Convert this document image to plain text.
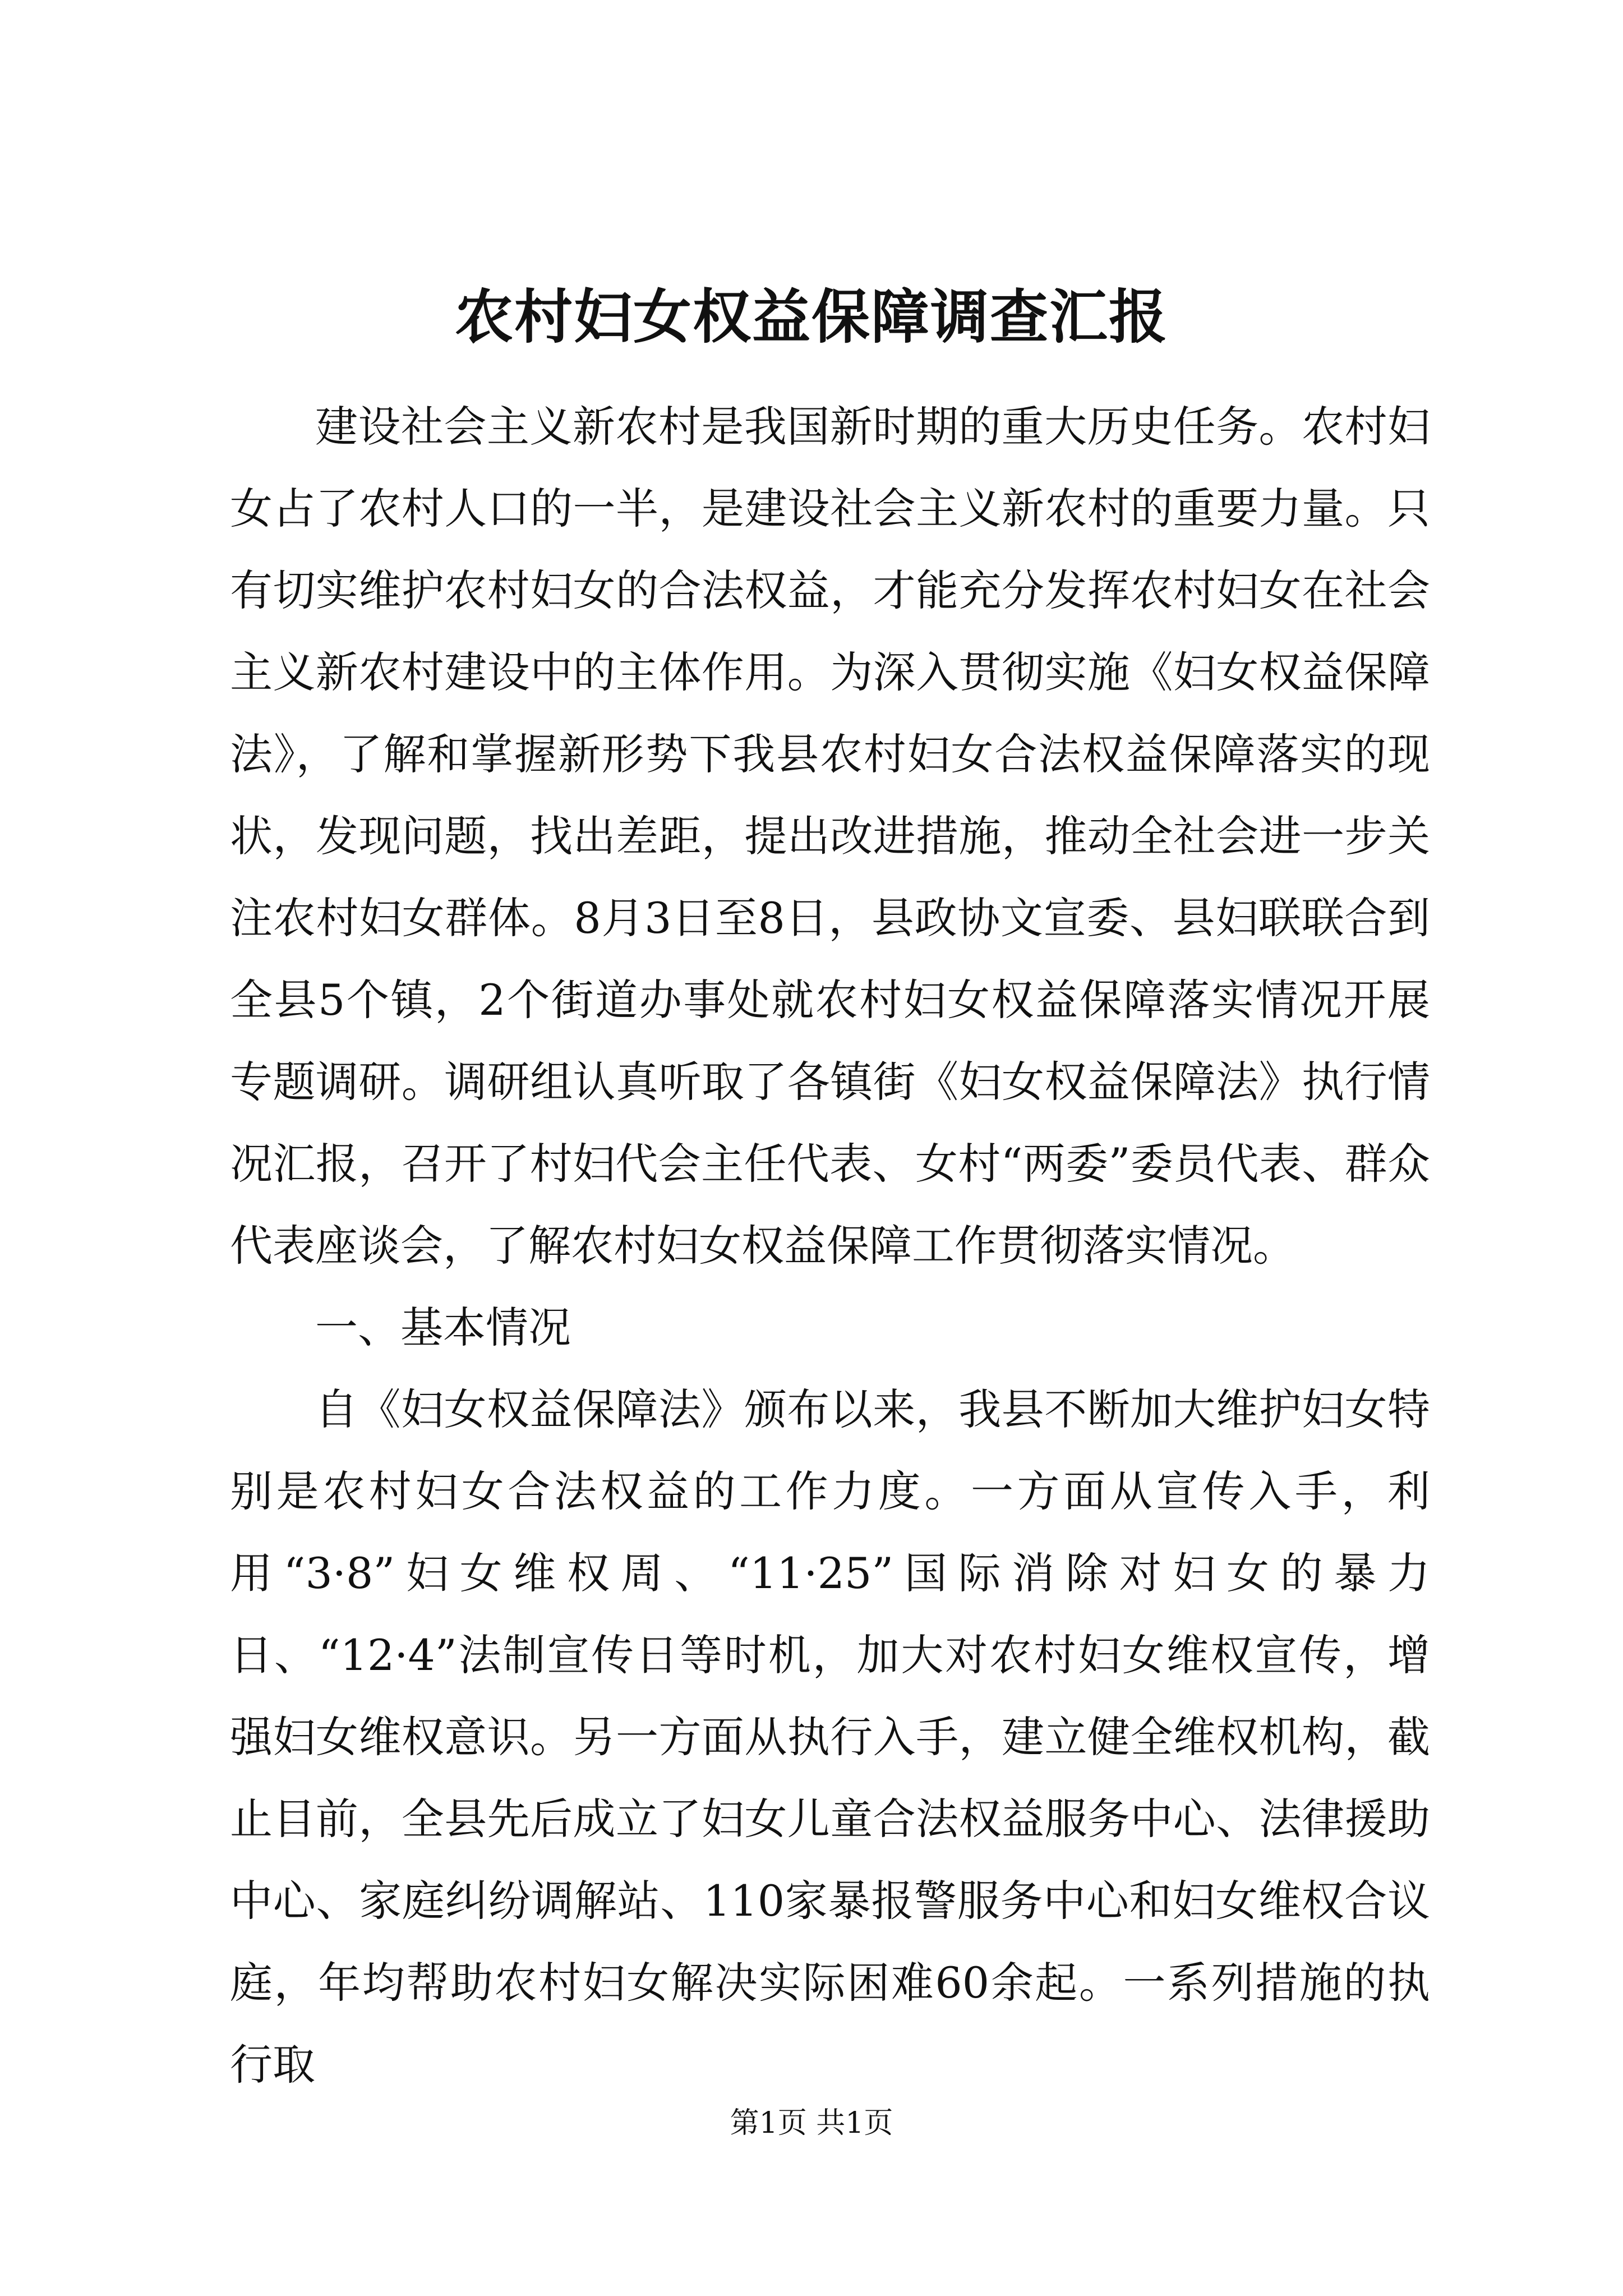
农村妇女权益保障调查汇报

建设社会主义新农村是我国新时期的重大历史任务。农村妇女占了农村人口的一半，是建设社会主义新农村的重要力量。只有切实维护农村妇女的合法权益，才能充分发挥农村妇女在社会主义新农村建设中的主体作用。为深入贯彻实施《妇女权益保障法》，了解和掌握新形势下我县农村妇女合法权益保障落实的现状，发现问题，找出差距，提出改进措施，推动全社会进一步关注农村妇女群体。8月3日至8日，县政协文宣委、县妇联联合到全县5个镇，2个街道办事处就农村妇女权益保障落实情况开展专题调研。调研组认真听取了各镇街《妇女权益保障法》执行情况汇报，召开了村妇代会主任代表、女村“两委”委员代表、群众代表座谈会，了解农村妇女权益保障工作贯彻落实情况。

一、基本情况

自《妇女权益保障法》颁布以来，我县不断加大维护妇女特别是农村妇女合法权益的工作力度。一方面从宣传入手，利用“3·8”妇女维权周、“11·25”国际消除对妇女的暴力日、“12·4”法制宣传日等时机，加大对农村妇女维权宣传，增强妇女维权意识。另一方面从执行入手，建立健全维权机构，截止目前，全县先后成立了妇女儿童合法权益服务中心、法律援助中心、家庭纠纷调解站、110家暴报警服务中心和妇女维权合议庭，年均帮助农村妇女解决实际困难60余起。一系列措施的执行取

第1页 共1页
